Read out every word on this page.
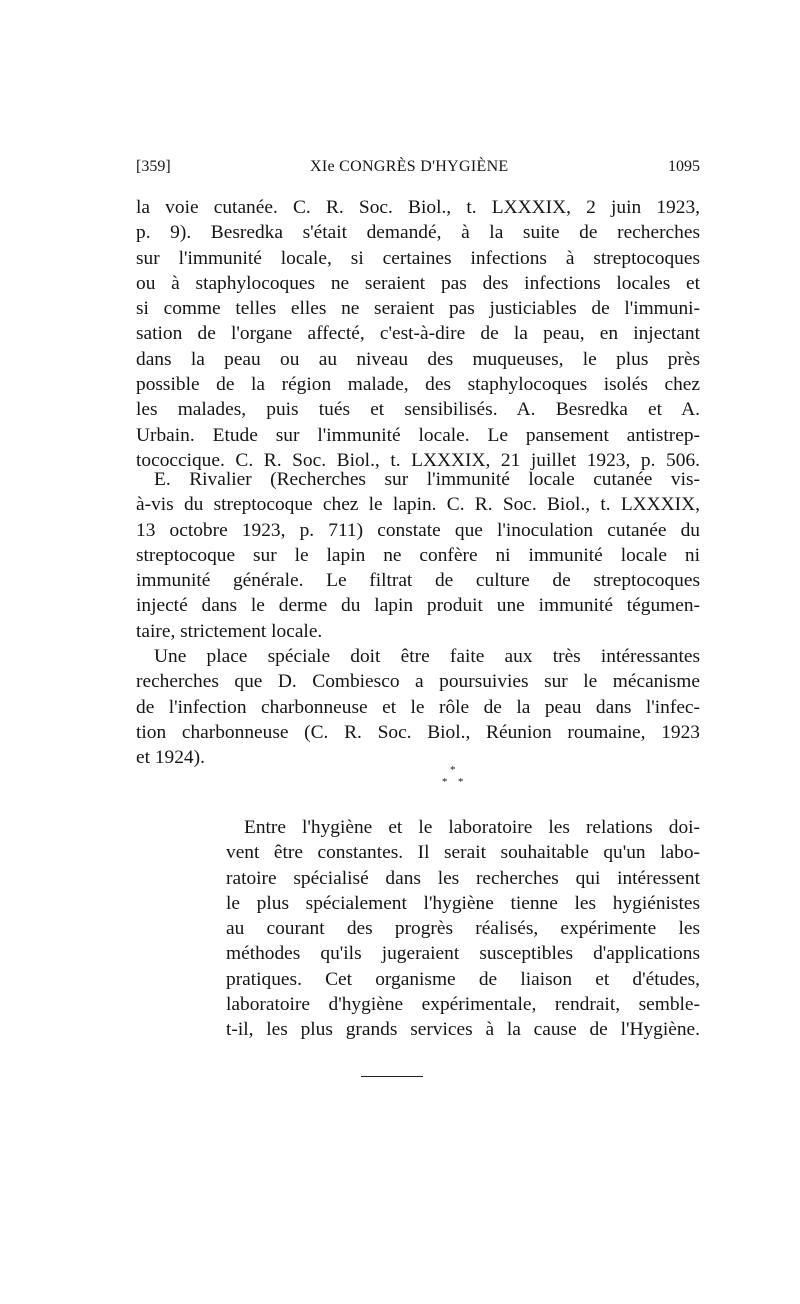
[359]	XIe CONGRÈS D'HYGIÈNE	1095
la voie cutanée. C. R. Soc. Biol., t. LXXXIX, 2 juin 1923,
p. 9). Besredka s'était demandé, à la suite de recherches
sur l'immunité locale, si certaines infections à streptocoques
ou à staphylocoques ne seraient pas des infections locales et
si comme telles elles ne seraient pas justiciables de l'immuni-
sation de l'organe affecté, c'est-à-dire de la peau, en injectant
dans la peau ou au niveau des muqueuses, le plus près
possible de la région malade, des staphylocoques isolés chez
les malades, puis tués et sensibilisés. A. Besredka et A.
Urbain. Etude sur l'immunité locale. Le pansement antistrep-
tococcique. C. R. Soc. Biol., t. LXXXIX, 21 juillet 1923, p. 506.
E. Rivalier (Recherches sur l'immunité locale cutanée vis-
à-vis du streptocoque chez le lapin. C. R. Soc. Biol., t. LXXXIX,
13 octobre 1923, p. 711) constate que l'inoculation cutanée du
streptocoque sur le lapin ne confère ni immunité locale ni
immunité générale. Le filtrat de culture de streptocoques
injecté dans le derme du lapin produit une immunité tégumen-
taire, strictement locale.
Une place spéciale doit être faite aux très intéressantes
recherches que D. Combiesco a poursuivies sur le mécanisme
de l'infection charbonneuse et le rôle de la peau dans l'infec-
tion charbonneuse (C. R. Soc. Biol., Réunion roumaine, 1923
et 1924).
*
* *
Entre l'hygiène et le laboratoire les relations doi-
vent être constantes. Il serait souhaitable qu'un labo-
ratoire spécialisé dans les recherches qui intéressent
le plus spécialement l'hygiène tienne les hygiénistes
au courant des progrès réalisés, expérimente les
méthodes qu'ils jugeraient susceptibles d'applications
pratiques. Cet organisme de liaison et d'études,
laboratoire d'hygiène expérimentale, rendrait, semble-
t-il, les plus grands services à la cause de l'Hygiène.
